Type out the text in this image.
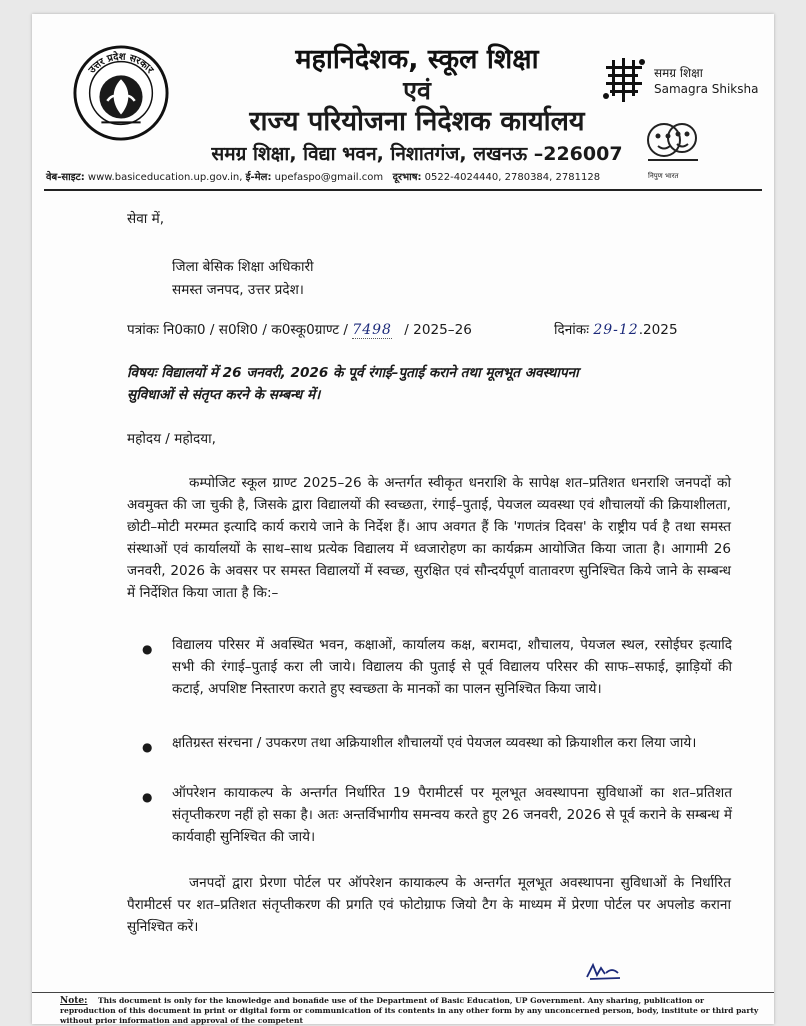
उत्तर प्रदेश सरकार	महानिदेशक, स्कूल शिक्षा
एवं
राज्य परियोजना निदेशक कार्यालय
समग्र शिक्षा, विद्या भवन, निशातगंज, लखनऊ –226007
समग्र शिक्षा
Samagra Shiksha
निपुण भारत
वेब-साइट: www.basiceducation.up.gov.in, ई-मेल: upefaspo@gmail.com दूरभाष: 0522-4024440, 2780384, 2781128
सेवा में,
जिला बेसिक शिक्षा अधिकारी
समस्त जनपद, उत्तर प्रदेश।
पत्रांकः नि0का0 / स0शि0 / क0स्कू0ग्राण्ट / 7498 / 2025–26	दिनांकः 29-12.2025
विषयः विद्यालयों में 26 जनवरी, 2026 के पूर्व रंगाई–पुताई कराने तथा मूलभूत अवस्थापना
सुविधाओं से संतृप्त करने के सम्बन्ध में।
महोदय / महोदया,
कम्पोजिट स्कूल ग्राण्ट 2025–26 के अन्तर्गत स्वीकृत धनराशि के सापेक्ष शत–प्रतिशत धनराशि जनपदों को अवमुक्त की जा चुकी है, जिसके द्वारा विद्यालयों की स्वच्छता, रंगाई–पुताई, पेयजल व्यवस्था एवं शौचालयों की क्रियाशीलता, छोटी–मोटी मरम्मत इत्यादि कार्य कराये जाने के निर्देश हैं। आप अवगत हैं कि 'गणतंत्र दिवस' के राष्ट्रीय पर्व है तथा समस्त संस्थाओं एवं कार्यालयों के साथ–साथ प्रत्येक विद्यालय में ध्वजारोहण का कार्यक्रम आयोजित किया जाता है। आगामी 26 जनवरी, 2026 के अवसर पर समस्त विद्यालयों में स्वच्छ, सुरक्षित एवं सौन्दर्यपूर्ण वातावरण सुनिश्चित किये जाने के सम्बन्ध में निर्देशित किया जाता है कि:–
● विद्यालय परिसर में अवस्थित भवन, कक्षाओं, कार्यालय कक्ष, बरामदा, शौचालय, पेयजल स्थल, रसोईघर इत्यादि सभी की रंगाई–पुताई करा ली जाये। विद्यालय की पुताई से पूर्व विद्यालय परिसर की साफ–सफाई, झाड़ियों की कटाई, अपशिष्ट निस्तारण कराते हुए स्वच्छता के मानकों का पालन सुनिश्चित किया जाये।
● क्षतिग्रस्त संरचना / उपकरण तथा अक्रियाशील शौचालयों एवं पेयजल व्यवस्था को क्रियाशील करा लिया जाये।
● ऑपरेशन कायाकल्प के अन्तर्गत निर्धारित 19 पैरामीटर्स पर मूलभूत अवस्थापना सुविधाओं का शत–प्रतिशत संतृप्तीकरण नहीं हो सका है। अतः अन्तर्विभागीय समन्वय करते हुए 26 जनवरी, 2026 से पूर्व कराने के सम्बन्ध में कार्यवाही सुनिश्चित की जाये।
जनपदों द्वारा प्रेरणा पोर्टल पर ऑपरेशन कायाकल्प के अन्तर्गत मूलभूत अवस्थापना सुविधाओं के निर्धारित पैरामीटर्स पर शत–प्रतिशत संतृप्तीकरण की प्रगति एवं फोटोग्राफ जियो टैग के माध्यम में प्रेरणा पोर्टल पर अपलोड कराना सुनिश्चित करें।
Note: This document is only for the knowledge and bonafide use of the Department of Basic Education, UP Government. Any sharing, publication or reproduction of this document in print or digital form or communication of its contents in any other form by any unconcerned person, body, institute or third party without prior information and approval of the competent
